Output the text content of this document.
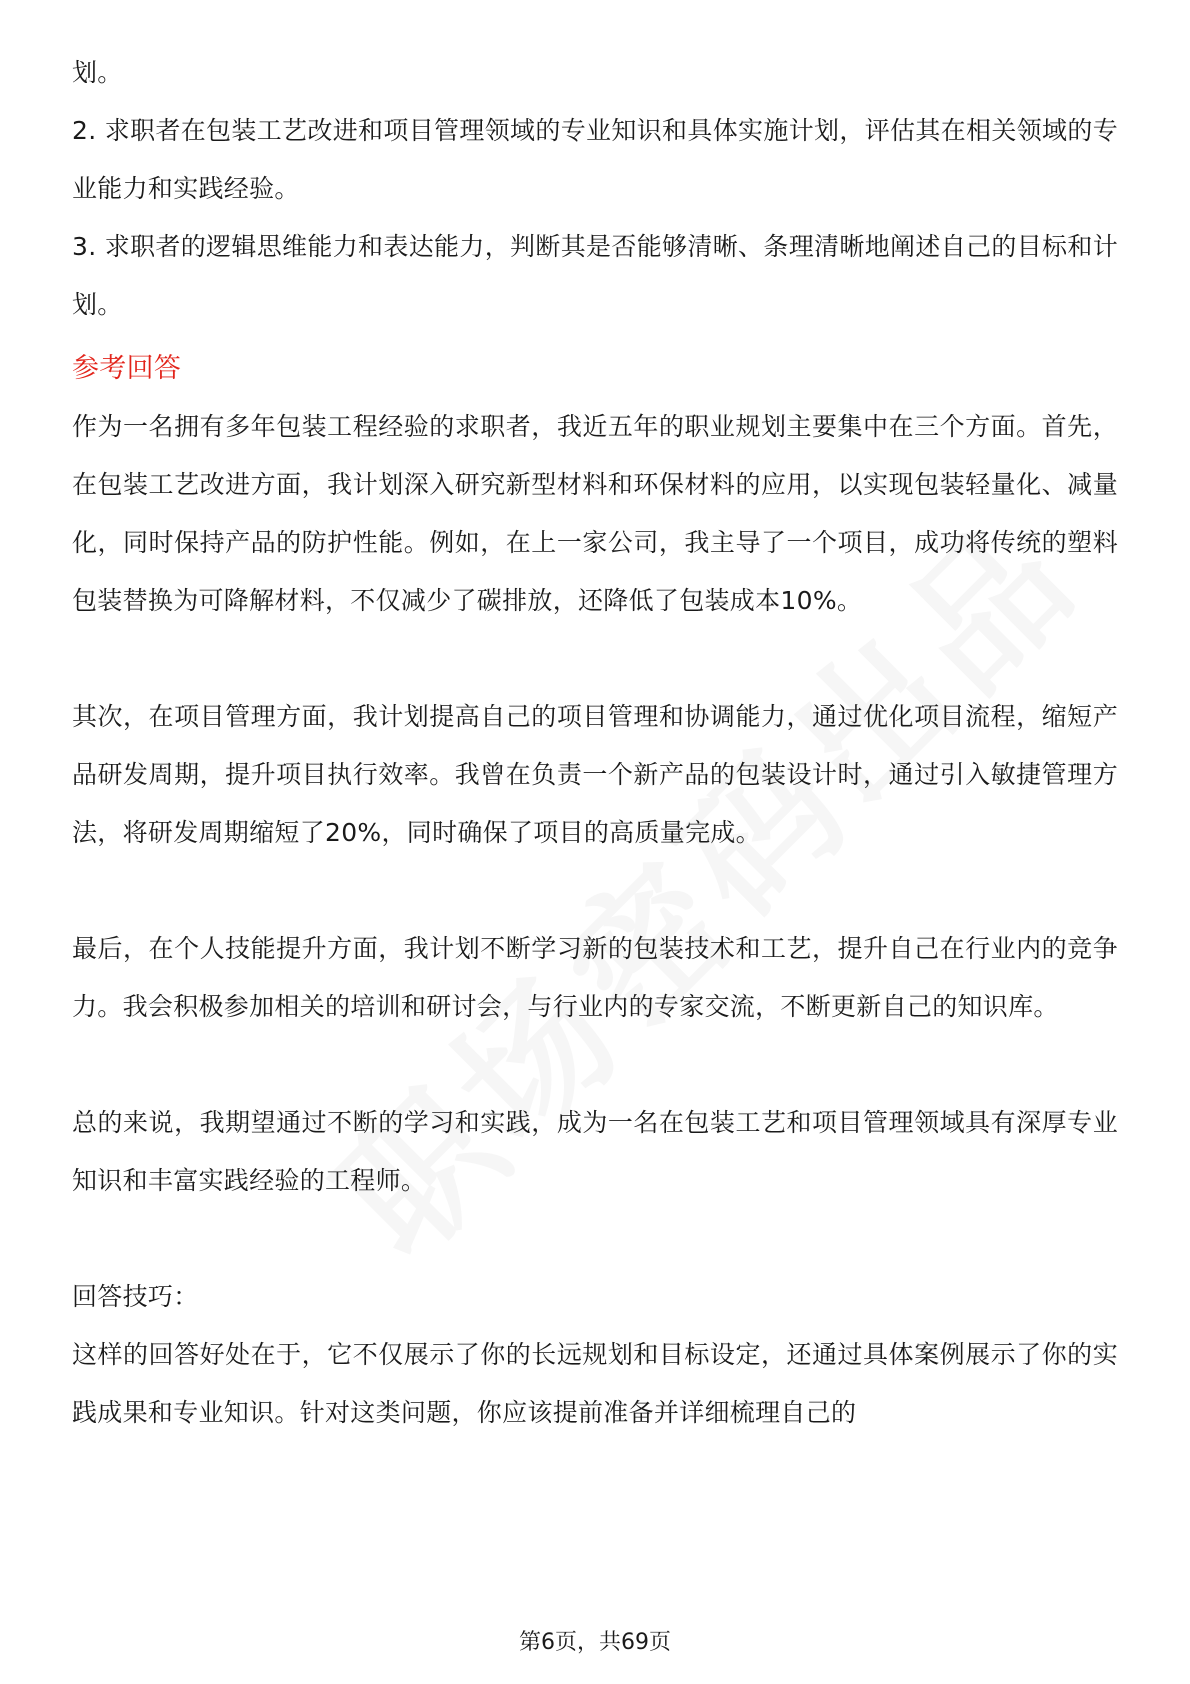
划。

2. 求职者在包装工艺改进和项目管理领域的专业知识和具体实施计划，评估其在相关领域的专业能力和实践经验。

3. 求职者的逻辑思维能力和表达能力，判断其是否能够清晰、条理清晰地阐述自己的目标和计划。

参考回答

作为一名拥有多年包装工程经验的求职者，我近五年的职业规划主要集中在三个方面。首先，在包装工艺改进方面，我计划深入研究新型材料和环保材料的应用，以实现包装轻量化、减量化，同时保持产品的防护性能。例如，在上一家公司，我主导了一个项目，成功将传统的塑料包装替换为可降解材料，不仅减少了碳排放，还降低了包装成本10%。

其次，在项目管理方面，我计划提高自己的项目管理和协调能力，通过优化项目流程，缩短产品研发周期，提升项目执行效率。我曾在负责一个新产品的包装设计时，通过引入敏捷管理方法，将研发周期缩短了20%，同时确保了项目的高质量完成。

最后，在个人技能提升方面，我计划不断学习新的包装技术和工艺，提升自己在行业内的竞争力。我会积极参加相关的培训和研讨会，与行业内的专家交流，不断更新自己的知识库。

总的来说，我期望通过不断的学习和实践，成为一名在包装工艺和项目管理领域具有深厚专业知识和丰富实践经验的工程师。

回答技巧：

这样的回答好处在于，它不仅展示了你的长远规划和目标设定，还通过具体案例展示了你的实践成果和专业知识。针对这类问题，你应该提前准备并详细梳理自己的

第6页，共69页
